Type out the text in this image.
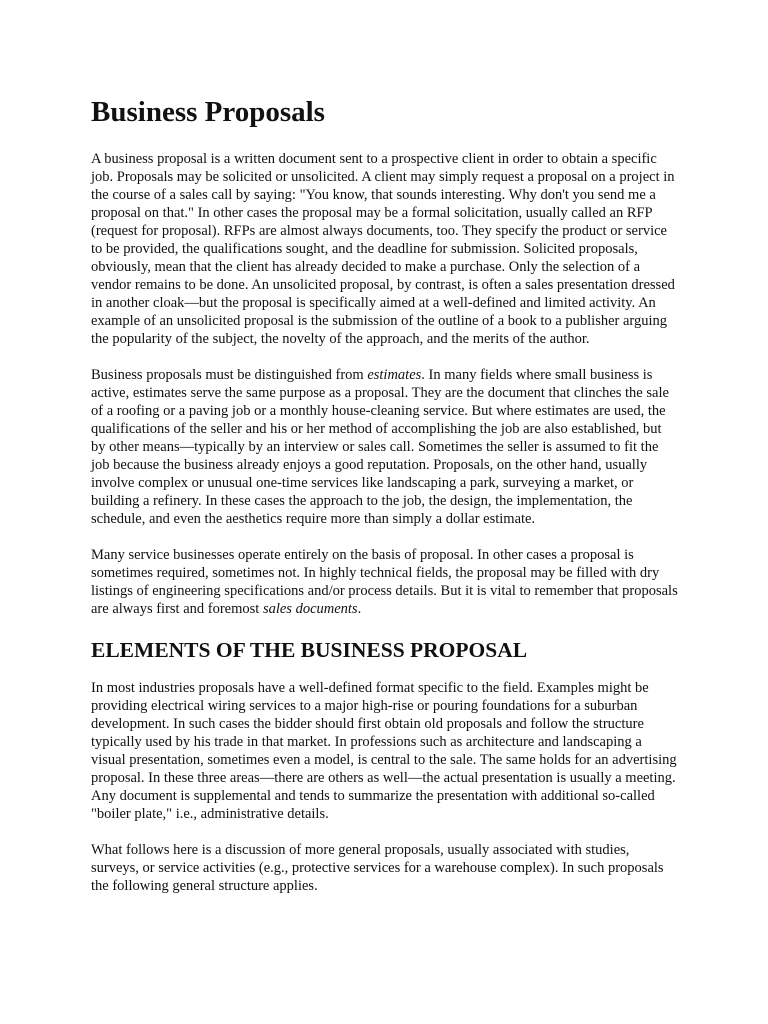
Business Proposals

A business proposal is a written document sent to a prospective client in order to obtain a specific job. Proposals may be solicited or unsolicited. A client may simply request a proposal on a project in the course of a sales call by saying: "You know, that sounds interesting. Why don't you send me a proposal on that." In other cases the proposal may be a formal solicitation, usually called an RFP (request for proposal). RFPs are almost always documents, too. They specify the product or service to be provided, the qualifications sought, and the deadline for submission. Solicited proposals, obviously, mean that the client has already decided to make a purchase. Only the selection of a vendor remains to be done. An unsolicited proposal, by contrast, is often a sales presentation dressed in another cloak—but the proposal is specifically aimed at a well-defined and limited activity. An example of an unsolicited proposal is the submission of the outline of a book to a publisher arguing the popularity of the subject, the novelty of the approach, and the merits of the author.

Business proposals must be distinguished from estimates. In many fields where small business is active, estimates serve the same purpose as a proposal. They are the document that clinches the sale of a roofing or a paving job or a monthly house-cleaning service. But where estimates are used, the qualifications of the seller and his or her method of accomplishing the job are also established, but by other means—typically by an interview or sales call. Sometimes the seller is assumed to fit the job because the business already enjoys a good reputation. Proposals, on the other hand, usually involve complex or unusual one-time services like landscaping a park, surveying a market, or building a refinery. In these cases the approach to the job, the design, the implementation, the schedule, and even the aesthetics require more than simply a dollar estimate.

Many service businesses operate entirely on the basis of proposal. In other cases a proposal is sometimes required, sometimes not. In highly technical fields, the proposal may be filled with dry listings of engineering specifications and/or process details. But it is vital to remember that proposals are always first and foremost sales documents.

ELEMENTS OF THE BUSINESS PROPOSAL

In most industries proposals have a well-defined format specific to the field. Examples might be providing electrical wiring services to a major high-rise or pouring foundations for a suburban development. In such cases the bidder should first obtain old proposals and follow the structure typically used by his trade in that market. In professions such as architecture and landscaping a visual presentation, sometimes even a model, is central to the sale. The same holds for an advertising proposal. In these three areas—there are others as well—the actual presentation is usually a meeting. Any document is supplemental and tends to summarize the presentation with additional so-called "boiler plate," i.e., administrative details.

What follows here is a discussion of more general proposals, usually associated with studies, surveys, or service activities (e.g., protective services for a warehouse complex). In such proposals the following general structure applies.
